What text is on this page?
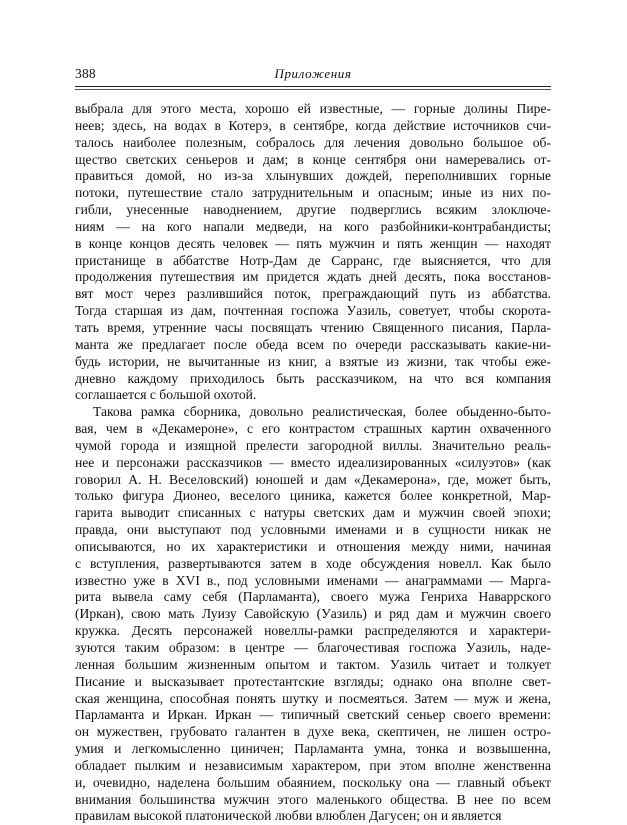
388	Приложения
выбрала для этого места, хорошо ей известные, — горные долины Пире-
неев; здесь, на водах в Котерэ, в сентябре, когда действие источников счи-
талось наиболее полезным, собралось для лечения довольно большое об-
щество светских сеньеров и дам; в конце сентября они намеревались от-
правиться домой, но из-за хлынувших дождей, переполнивших горные
потоки, путешествие стало затруднительным и опасным; иные из них по-
гибли, унесенные наводнением, другие подверглись всяким злоключе-
ниям — на кого напали медведи, на кого разбойники-контрабандисты;
в конце концов десять человек — пять мужчин и пять женщин — находят
пристанище в аббатстве Нотр-Дам де Сарранс, где выясняется, что для
продолжения путешествия им придется ждать дней десять, пока восстанов-
вят мост через разлившийся поток, преграждающий путь из аббатства.
Тогда старшая из дам, почтенная госпожа Уазиль, советует, чтобы скорота-
тать время, утренние часы посвящать чтению Священного писания, Парла-
манта же предлагает после обеда всем по очереди рассказывать какие-ни-
будь истории, не вычитанные из книг, а взятые из жизни, так чтобы еже-
дневно каждому приходилось быть рассказчиком, на что вся компания
соглашается с большой охотой.
Такова рамка сборника, довольно реалистическая, более обыденно-быто-
вая, чем в «Декамероне», с его контрастом страшных картин охваченного
чумой города и изящной прелести загородной виллы. Значительно реаль-
нее и персонажи рассказчиков — вместо идеализированных «силуэтов» (как
говорил А. Н. Веселовский) юношей и дам «Декамерона», где, может быть,
только фигура Дионео, веселого циника, кажется более конкретной, Мар-
гарита выводит списанных с натуры светских дам и мужчин своей эпохи;
правда, они выступают под условными именами и в сущности никак не
описываются, но их характеристики и отношения между ними, начиная
с вступления, развертываются затем в ходе обсуждения новелл. Как было
известно уже в XVI в., под условными именами — анаграммами — Марга-
рита вывела саму себя (Парламанта), своего мужа Генриха Наваррского
(Иркан), свою мать Луизу Савойскую (Уазиль) и ряд дам и мужчин своего
кружка. Десять персонажей новеллы-рамки распределяются и характери-
зуются таким образом: в центре — благочестивая госпожа Уазиль, наде-
ленная большим жизненным опытом и тактом. Уазиль читает и толкует
Писание и высказывает протестантские взгляды; однако она вполне свет-
ская женщина, способная понять шутку и посмеяться. Затем — муж и жена,
Парламанта и Иркан. Иркан — типичный светский сеньер своего времени:
он мужествен, грубовато галантен в духе века, скептичен, не лишен остро-
умия и легкомысленно циничен; Парламанта умна, тонка и возвышенна,
обладает пылким и независимым характером, при этом вполне женственна
и, очевидно, наделена большим обаянием, поскольку она — главный объект
внимания большинства мужчин этого маленького общества. В нее по всем
правилам высокой платонической любви влюблен Дагусен; он и является
